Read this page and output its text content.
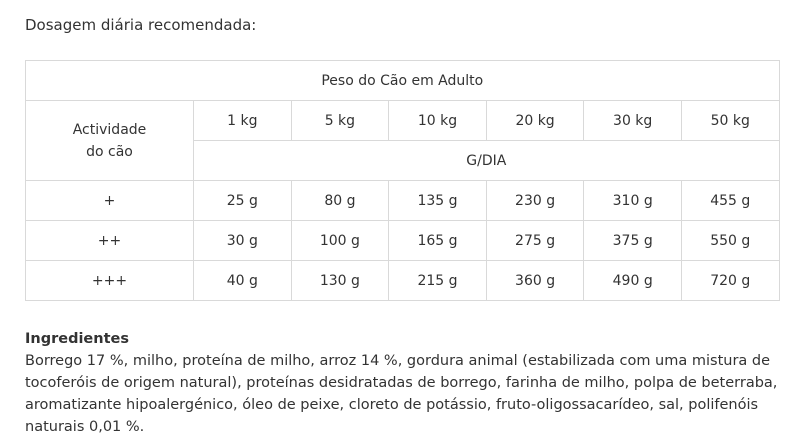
Dosagem diária recomendada:
Peso do Cão em Adulto						
Actividade
do cão	1 kg	5 kg	10 kg	20 kg	30 kg	50 kg
	G/DIA					
+	25 g	80 g	135 g	230 g	310 g	455 g
++	30 g	100 g	165 g	275 g	375 g	550 g
+++	40 g	130 g	215 g	360 g	490 g	720 g
Ingredientes
Borrego 17 %, milho, proteína de milho, arroz 14 %, gordura animal (estabilizada com uma mistura de tocoferóis de origem natural), proteínas desidratadas de borrego, farinha de milho, polpa de beterraba, aromatizante hipoalergénico, óleo de peixe, cloreto de potássio, fruto-oligossacarídeo, sal, polifenóis naturais 0,01 %.
